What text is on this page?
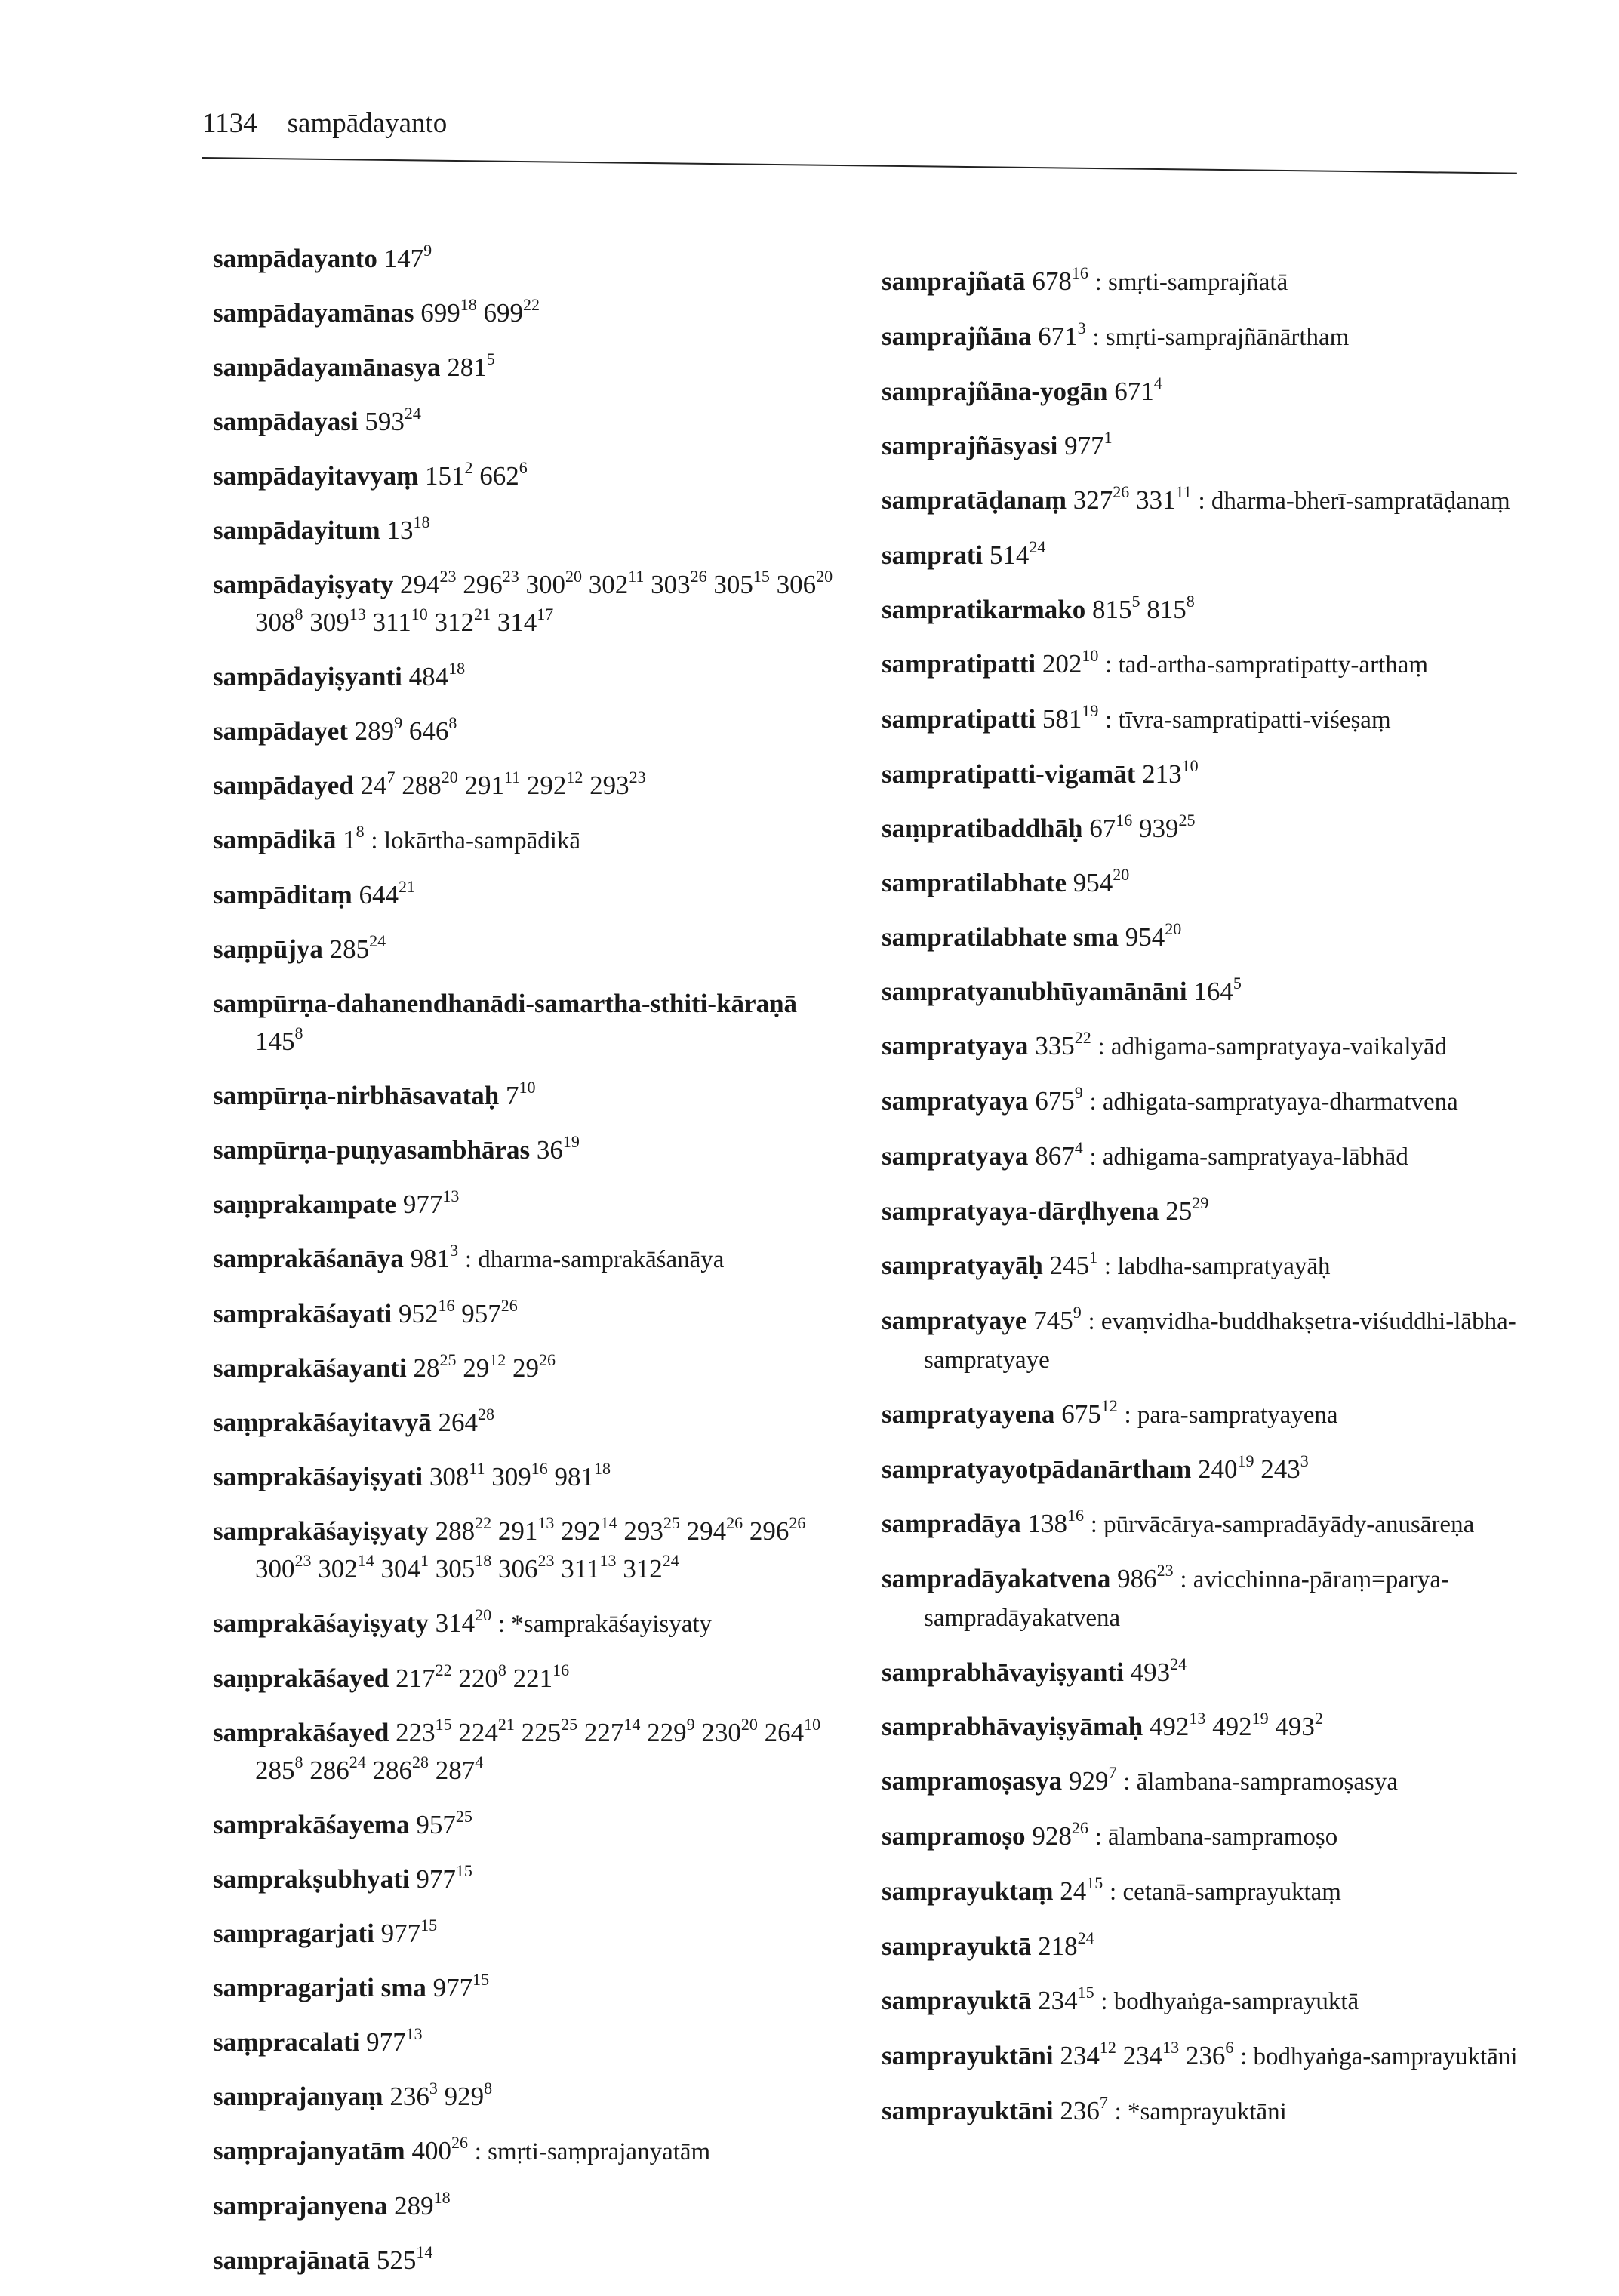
1134 sampādayanto
sampādayanto $147^9$
sampādayamānas $699^{18}$ $699^{22}$
sampādayamānasya $281^5$
sampādayasi $593^{24}$
sampādayitavyaṃ $151^2$ $662^6$
sampādayitum $13^{18}$
sampādayiṣyaty $294^{23}$ $296^{23}$ $300^{20}$ $302^{11}$ $303^{26}$ $305^{15}$ $306^{20}$ $308^8$ $309^{13}$ $311^{10}$ $312^{21}$ $314^{17}$
sampādayiṣyanti $484^{18}$
sampādayet $289^9$ $646^8$
sampādayed $24^7$ $288^{20}$ $291^{11}$ $292^{12}$ $293^{23}$
sampādikā $1^8$ : lokārtha-sampādikā
sampāditaṃ $644^{21}$
saṃpūjya $285^{24}$
sampūrṇa-dahanendhanādi-samartha-sthiti-kāraṇā $145^8$
sampūrṇa-nirbhāsavataḥ $7^{10}$
sampūrṇa-puṇyasambhāras $36^{19}$
saṃprakampate $977^{13}$
samprakāśanāya $981^3$ : dharma-samprakāśanāya
samprakāśayati $952^{16}$ $957^{26}$
samprakāśayanti $28^{25}$ $29^{12}$ $29^{26}$
saṃprakāśayitavyā $264^{28}$
samprakāśayiṣyati $308^{11}$ $309^{16}$ $981^{18}$
samprakāśayiṣyaty $288^{22}$ $291^{13}$ $292^{14}$ $293^{25}$ $294^{26}$ $296^{26}$ $300^{23}$ $302^{14}$ $304^1$ $305^{18}$ $306^{23}$ $311^{13}$ $312^{24}$
samprakāśayiṣyaty $314^{20}$ : *samprakāśayisyaty
saṃprakāśayed $217^{22}$ $220^8$ $221^{16}$
samprakāśayed $223^{15}$ $224^{21}$ $225^{25}$ $227^{14}$ $229^9$ $230^{20}$ $264^{10}$ $285^8$ $286^{24}$ $286^{28}$ $287^4$
samprakāśayema $957^{25}$
samprakṣubhyati $977^{15}$
sampragarjati $977^{15}$
sampragarjati sma $977^{15}$
saṃpracalati $977^{13}$
samprajanyaṃ $236^3$ $929^8$
saṃprajanyatām $400^{26}$ : smṛti-saṃprajanyatām
samprajanyena $289^{18}$
samprajānatā $525^{14}$
samprajñatā $678^{16}$ : smṛti-samprajñatā
samprajñāna $671^3$ : smṛti-samprajñānārtham
samprajñāna-yogān $671^4$
samprajñāsyasi $977^1$
sampratāḍanaṃ $327^{26}$ $331^{11}$ : dharma-bherī-sampratāḍanaṃ
samprati $514^{24}$
sampratikarmako $815^5$ $815^8$
sampratipatti $202^{10}$ : tad-artha-sampratipatty-arthaṃ
sampratipatti $581^{19}$ : tīvra-sampratipatti-viśeṣaṃ
sampratipatti-vigamāt $213^{10}$
saṃpratibaddhāḥ $67^{16}$ $939^{25}$
sampratilabhate $954^{20}$
sampratilabhate sma $954^{20}$
sampratyanubhūyamānāni $164^5$
sampratyaya $335^{22}$ : adhigama-sampratyaya-vaikalyād
sampratyaya $675^9$ : adhigata-sampratyaya-dharmatvena
sampratyaya $867^4$ : adhigama-sampratyaya-lābhād
sampratyaya-dārḍhyena $25^{29}$
sampratyayāḥ $245^1$ : labdha-sampratyayāḥ
sampratyaye $745^9$ : evaṃvidha-buddhakṣetra-viśuddhi-lābha-sampratyaye
sampratyayena $675^{12}$ : para-sampratyayena
sampratyayotpādanārtham $240^{19}$ $243^3$
sampradāya $138^{16}$ : pūrvācārya-sampradāyādy-anusāreṇa
sampradāyakatvena $986^{23}$ : avicchinna-pāraṃ=parya-sampradāyakatvena
samprabhāvayiṣyanti $493^{24}$
samprabhāvayiṣyāmaḥ $492^{13}$ $492^{19}$ $493^2$
sampramoṣasya $929^7$ : ālambana-sampramoṣasya
sampramoṣo $928^{26}$ : ālambana-sampramoṣo
samprayuktaṃ $24^{15}$ : cetanā-samprayuktaṃ
samprayuktā $218^{24}$
samprayuktā $234^{15}$ : bodhyaṅga-samprayuktā
samprayuktāni $234^{12}$ $234^{13}$ $236^6$ : bodhyaṅga-samprayuktāni
samprayuktāni $236^7$ : *samprayuktāni
